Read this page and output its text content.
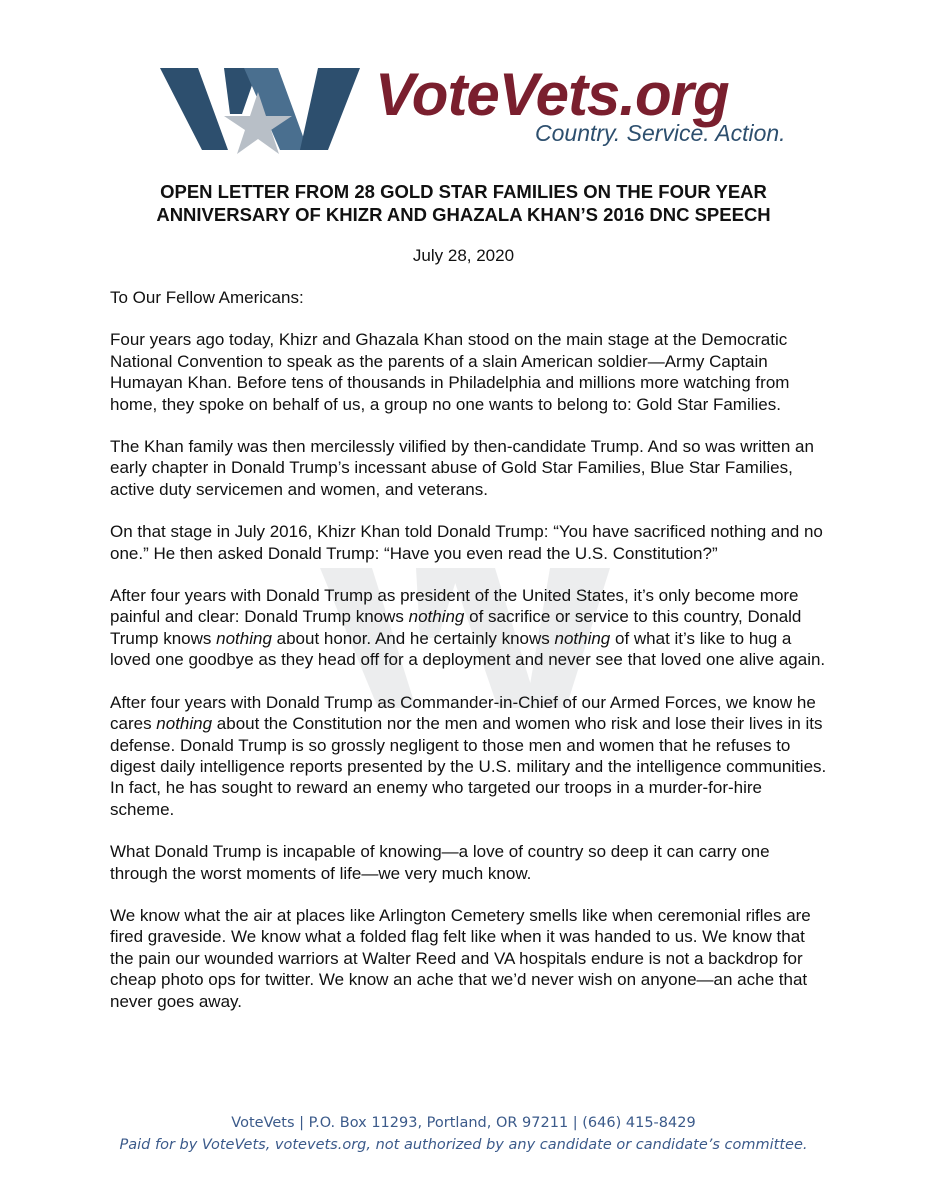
VoteVets.org
Country. Service. Action.
OPEN LETTER FROM 28 GOLD STAR FAMILIES ON THE FOUR YEAR
ANNIVERSARY OF KHIZR AND GHAZALA KHAN’S 2016 DNC SPEECH
July 28, 2020

To Our Fellow Americans:

Four years ago today, Khizr and Ghazala Khan stood on the main stage at the Democratic National Convention to speak as the parents of a slain American soldier—Army Captain Humayan Khan. Before tens of thousands in Philadelphia and millions more watching from home, they spoke on behalf of us, a group no one wants to belong to: Gold Star Families.

The Khan family was then mercilessly vilified by then-candidate Trump. And so was written an early chapter in Donald Trump’s incessant abuse of Gold Star Families, Blue Star Families, active duty servicemen and women, and veterans.

On that stage in July 2016, Khizr Khan told Donald Trump: “You have sacrificed nothing and no one.” He then asked Donald Trump: “Have you even read the U.S. Constitution?”

After four years with Donald Trump as president of the United States, it’s only become more painful and clear: Donald Trump knows nothing of sacrifice or service to this country, Donald Trump knows nothing about honor. And he certainly knows nothing of what it’s like to hug a loved one goodbye as they head off for a deployment and never see that loved one alive again.

After four years with Donald Trump as Commander-in-Chief of our Armed Forces, we know he cares nothing about the Constitution nor the men and women who risk and lose their lives in its defense. Donald Trump is so grossly negligent to those men and women that he refuses to digest daily intelligence reports presented by the U.S. military and the intelligence communities. In fact, he has sought to reward an enemy who targeted our troops in a murder-for-hire scheme.

What Donald Trump is incapable of knowing—a love of country so deep it can carry one through the worst moments of life—we very much know.

We know what the air at places like Arlington Cemetery smells like when ceremonial rifles are fired graveside. We know what a folded flag felt like when it was handed to us. We know that the pain our wounded warriors at Walter Reed and VA hospitals endure is not a backdrop for cheap photo ops for twitter. We know an ache that we’d never wish on anyone—an ache that never goes away.

VoteVets | P.O. Box 11293, Portland, OR 97211 | (646) 415-8429
Paid for by VoteVets, votevets.org, not authorized by any candidate or candidate’s committee.
